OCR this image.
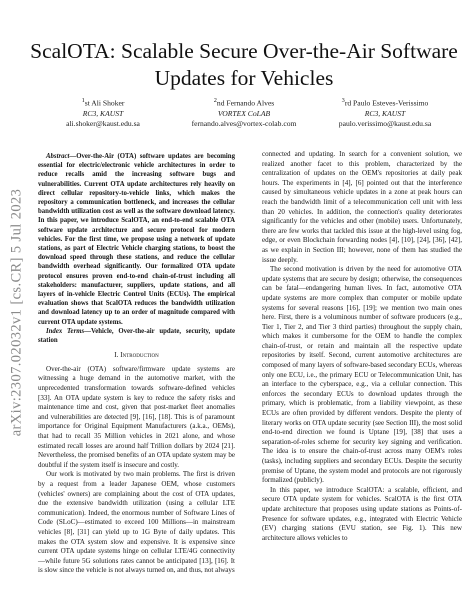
arXiv:2307.02032v1 [cs.CR] 5 Jul 2023
ScalOTA: Scalable Secure Over-the-Air Software Updates for Vehicles
$^1$st Ali Shoker
RC3, KAUST
ali.shoker@kaust.edu.sa
$^2$nd Fernando Alves
VORTEX CoLAB
fernando.alves@vortex-colab.com
$^3$rd Paulo Esteves-Verissimo
RC3, KAUST
paulo.verissimo@kaust.edu.sa

Abstract—Over-the-Air (OTA) software updates are becoming essential for electric/electronic vehicle architectures in order to reduce recalls amid the increasing software bugs and vulnerabilities. Current OTA update architectures rely heavily on direct cellular repository-to-vehicle links, which makes the repository a communication bottleneck, and increases the cellular bandwidth utilization cost as well as the software download latency. In this paper, we introduce ScalOTA, an end-to-end scalable OTA software update architecture and secure protocol for modern vehicles. For the first time, we propose using a network of update stations, as part of Electric Vehicle charging stations, to boost the download speed through these stations, and reduce the cellular bandwidth overhead significantly. Our formalized OTA update protocol ensures proven end-to-end chain-of-trust including all stakeholders: manufacturer, suppliers, update stations, and all layers of in-vehicle Electric Control Units (ECUs). The empirical evaluation shows that ScalOTA reduces the bandwidth utilization and download latency up to an order of magnitude compared with current OTA update systems.

Index Terms—Vehicle, Over-the-air update, security, update station

I. Introduction

Over-the-air (OTA) software/firmware update systems are witnessing a huge demand in the automotive market, with the unprecedented transformation towards software-defined vehicles [33]. An OTA update system is key to reduce the safety risks and maintenance time and cost, given that post-market fleet anomalies and vulnerabilities are detected [9], [16], [18]. This is of paramount importance for Original Equipment Manufacturers (a.k.a., OEMs), that had to recall 35 Million vehicles in 2021 alone, and whose estimated recall losses are around half Trillion dollars by 2024 [21]. Nevertheless, the promised benefits of an OTA update system may be doubtful if the system itself is insecure and costly.

Our work is motivated by two main problems. The first is driven by a request from a leader Japanese OEM, whose customers (vehicles' owners) are complaining about the cost of OTA updates, due the extensive bandwidth utilization (using a cellular LTE communication). Indeed, the enormous number of Software Lines of Code (SLoC)—estimated to exceed 100 Millions—in mainstream vehicles [8], [31] can yield up to 1G Byte of daily updates. This makes the OTA system slow and expensive. It is expensive since current OTA update systems hinge on cellular LTE/4G connectivity—while future 5G solutions rates cannot be anticipated [13], [16]. It is slow since the vehicle is not always turned on, and thus, not always

connected and updating. In search for a convenient solution, we realized another facet to this problem, characterized by the centralization of updates on the OEM's repositories at daily peak hours. The experiments in [4], [6] pointed out that the interference caused by simultaneous vehicle updates in a zone at peak hours can reach the bandwidth limit of a telecommunication cell unit with less than 20 vehicles. In addition, the connection's quality deteriorates significantly for the vehicles and other (mobile) users. Unfortunately, there are few works that tackled this issue at the high-level using fog, edge, or even Blockchain forwarding nodes [4], [10], [24], [36], [42], as we explain in Section III; however, none of them has studied the issue deeply.

The second motivation is driven by the need for automotive OTA update systems that are secure by design; otherwise, the consequences can be fatal—endangering human lives. In fact, automotive OTA update systems are more complex than computer or mobile update systems for several reasons [16], [19]; we mention two main ones here. First, there is a voluminous number of software producers (e.g., Tier 1, Tier 2, and Tier 3 third parties) throughout the supply chain, which makes it cumbersome for the OEM to handle the complex chain-of-trust, or retain and maintain all the respective update repositories by itself. Second, current automotive architectures are composed of many layers of software-based secondary ECUs, whereas only one ECU, i.e., the primary ECU or Telecommunication Unit, has an interface to the cyberspace, e.g., via a cellular connection. This enforces the secondary ECUs to download updates through the primary, which is problematic, from a liability viewpoint, as these ECUs are often provided by different vendors. Despite the plenty of literary works on OTA update security (see Section III), the most solid end-to-end direction we found is Uptane [19], [38] that uses a separation-of-roles scheme for security key signing and verification. The idea is to ensure the chain-of-trust across many OEM's roles (tasks), including suppliers and secondary ECUs. Despite the security premise of Uptane, the system model and protocols are not rigorously formalized (publicly).

In this paper, we introduce ScalOTA: a scalable, efficient, and secure OTA update system for vehicles. ScalOTA is the first OTA update architecture that proposes using update stations as Points-of-Presence for software updates, e.g., integrated with Electric Vehicle (EV) charging stations (EVU station, see Fig. 1). This new architecture allows vehicles to
